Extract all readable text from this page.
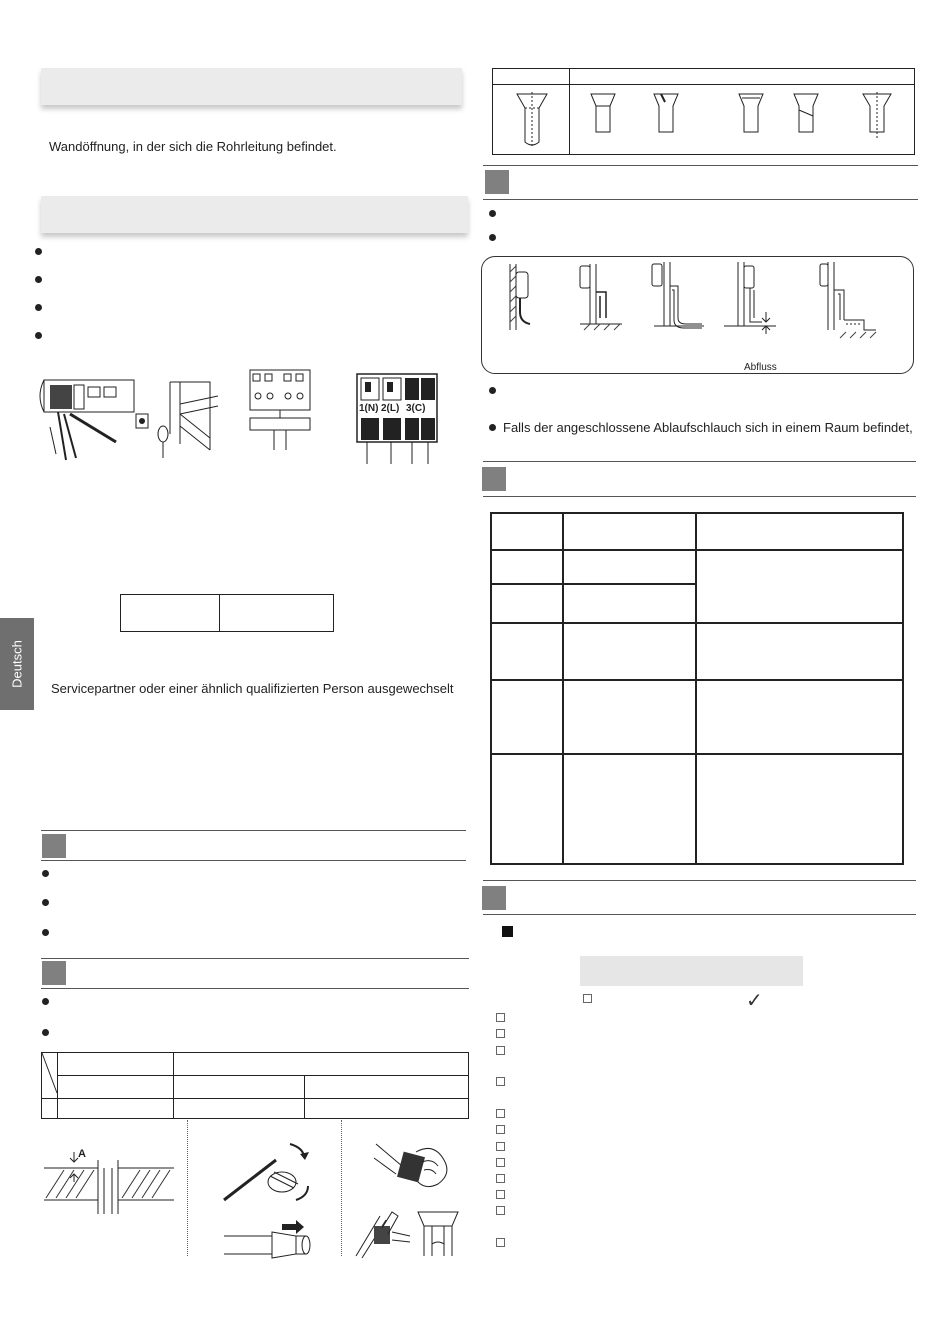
Wandöffnung, in der sich die Rohrleitung befindet.
1(N) 2(L) 3(C)

Deutsch
Servicepartner oder einer ähnlich qualifizierten Person ausgewechselt

A

Abfluss
Falls der angeschlossene Ablaufschlauch sich in einem Raum befindet,

✓
